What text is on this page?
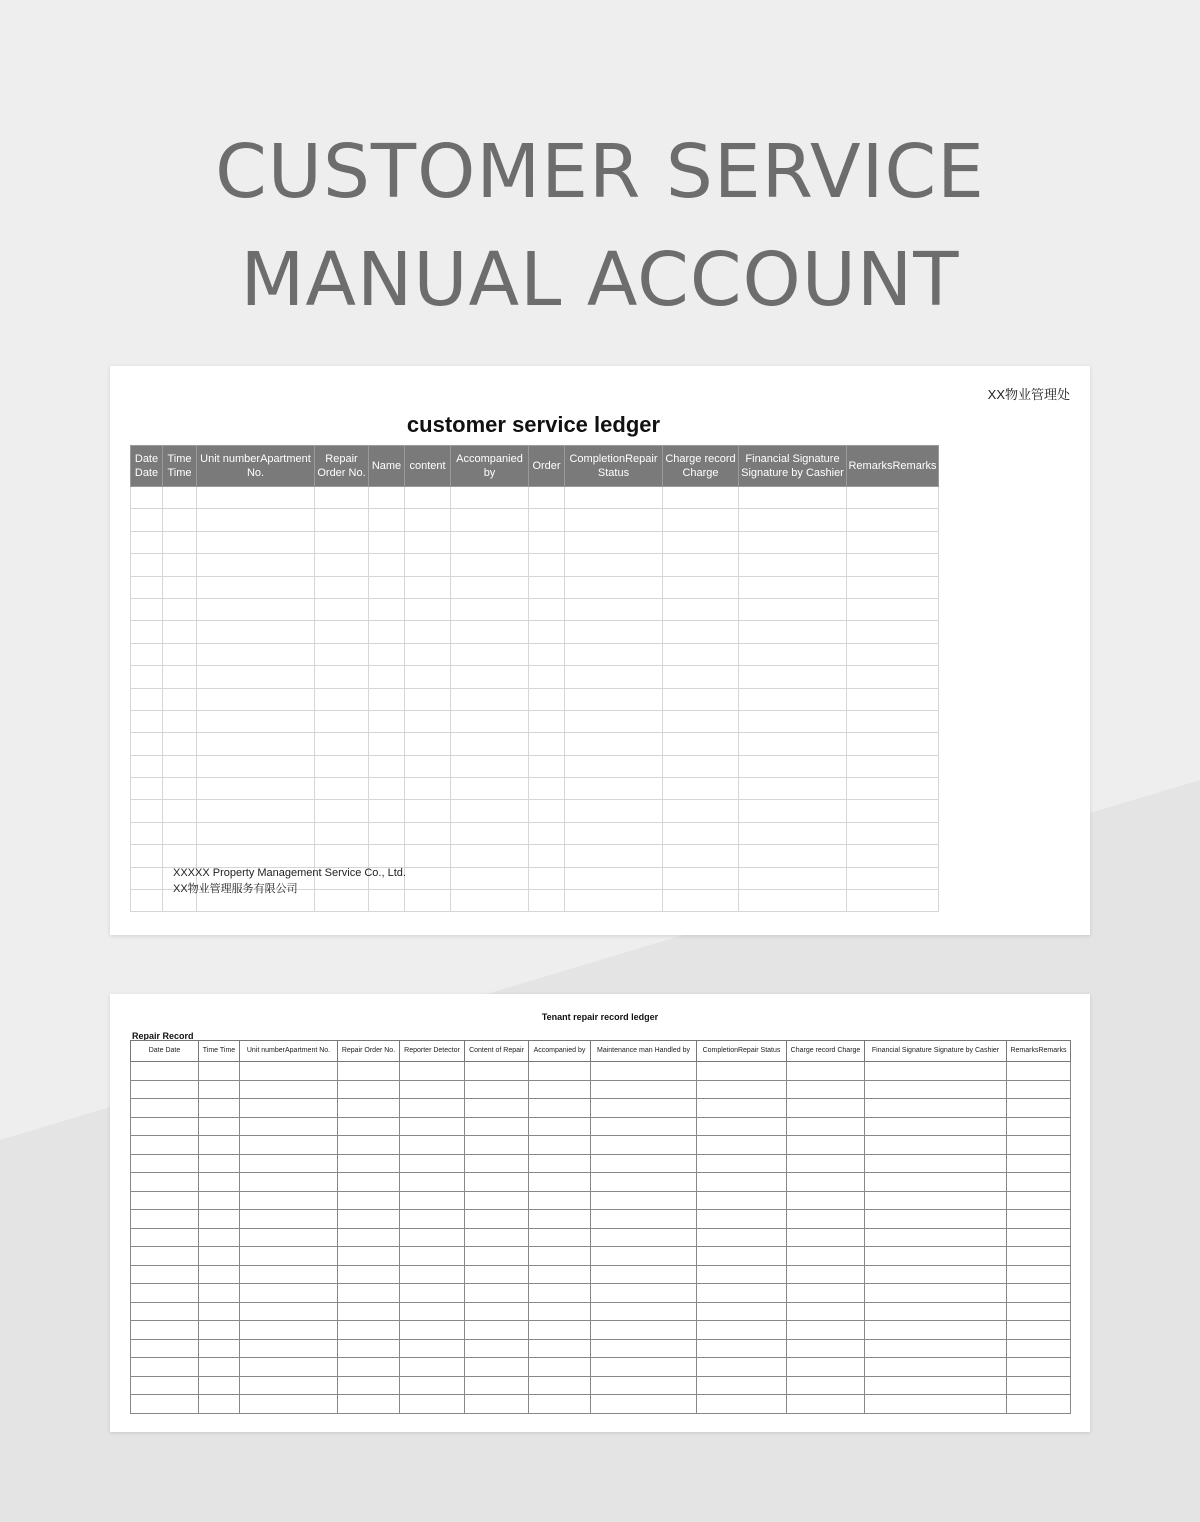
CUSTOMER SERVICE
MANUAL ACCOUNT
XX物业管理处
customer service ledger
Date Date	Time Time	Unit numberApartment No.	Repair Order No.	Name	content	Accompanied by	Order	CompletionRepair Status	Charge record Charge	Financial Signature Signature by Cashier	RemarksRemarks

XXXXX Property Management Service Co., Ltd.
XX物业管理服务有限公司
Tenant repair record ledger
Repair Record
Date Date	Time Time	Unit numberApartment No.	Repair Order No.	Reporter Detector	Content of Repair	Accompanied by	Maintenance man Handled by	CompletionRepair Status	Charge record Charge	Financial Signature Signature by Cashier	RemarksRemarks
